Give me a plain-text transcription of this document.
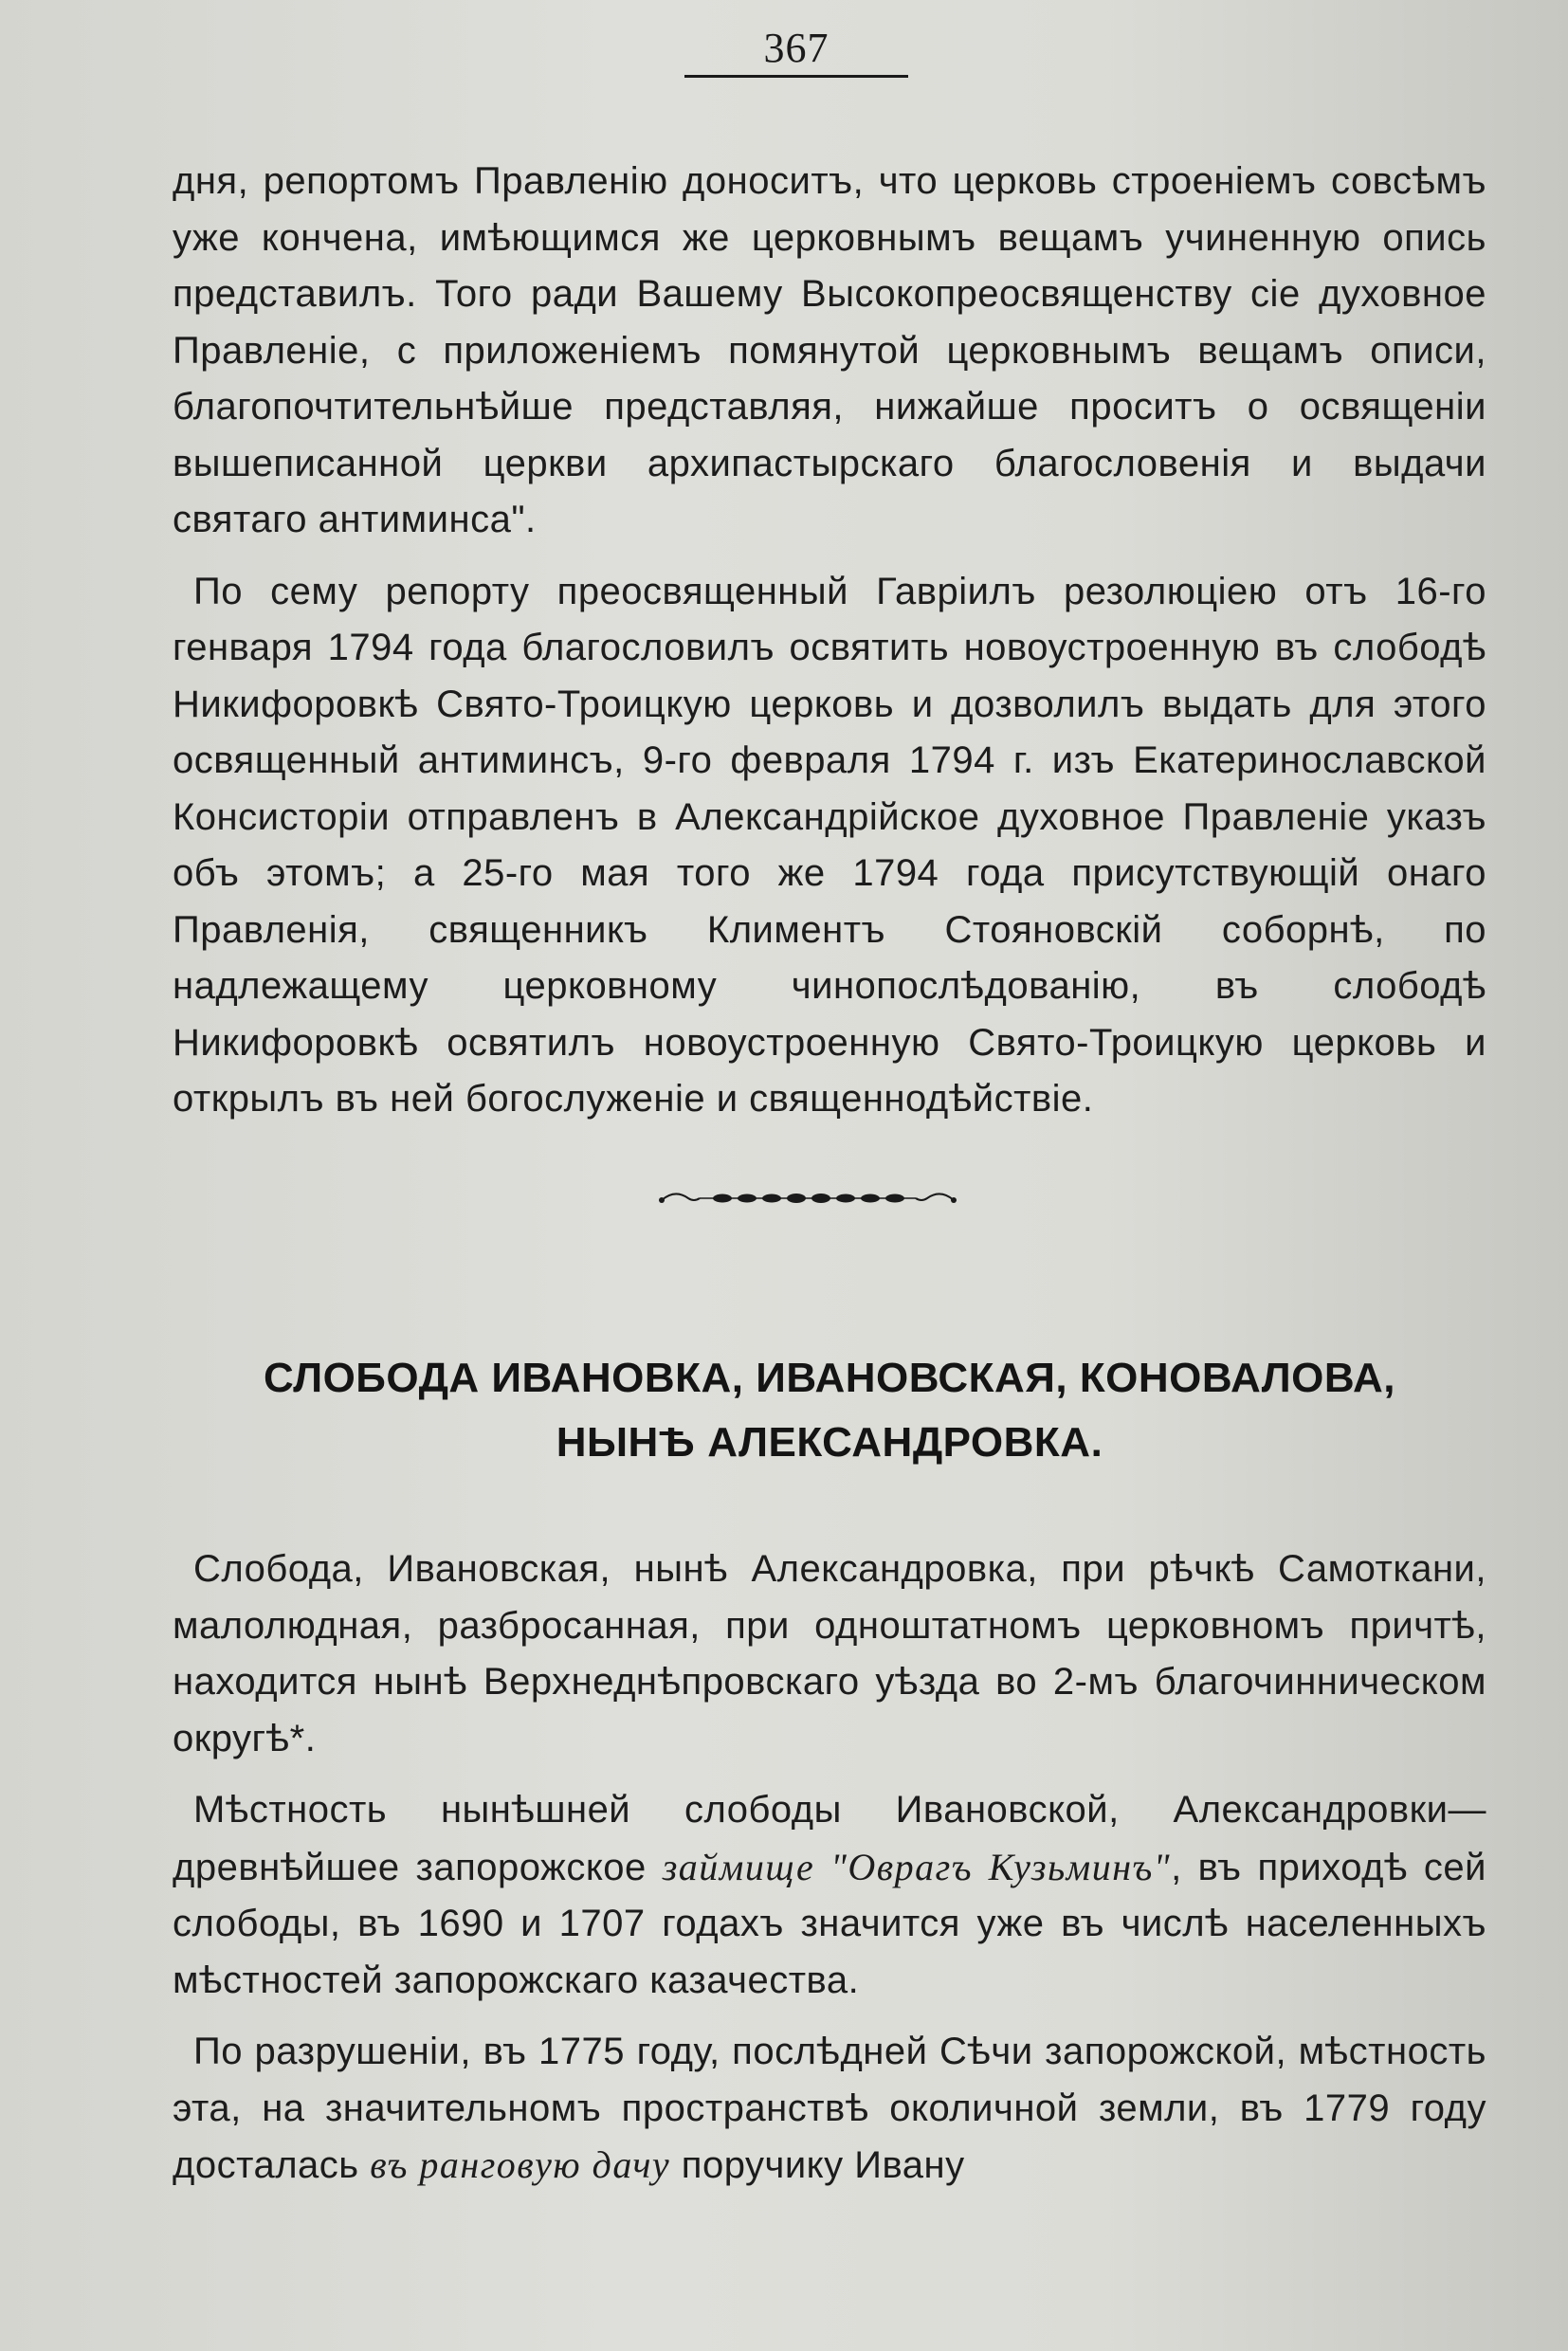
367

дня, репортомъ Правленію доноситъ, что церковь строеніемъ совсѣмъ уже кончена, имѣющимся же церковнымъ вещамъ учиненную опись представилъ. Того ради Вашему Высокопреосвященству сіе духовное Правленіе, с приложеніемъ помянутой церковнымъ вещамъ описи, благопочтительнѣйше представляя, нижайше проситъ о освященіи вышеписанной церкви архипастырскаго благословенія и выдачи святаго антиминса".

По сему репорту преосвященный Гавріилъ резолюціею отъ 16-го генваря 1794 года благословилъ освятить новоустроенную въ слободѣ Никифоровкѣ Свято-Троицкую церковь и дозволилъ выдать для этого освященный антиминсъ, 9-го февраля 1794 г. изъ Екатеринославской Консисторіи отправленъ в Александрійское духовное Правленіе указъ объ этомъ; а 25-го мая того же 1794 года присутствующій онаго Правленія, священникъ Климентъ Стояновскій соборнѣ, по надлежащему церковному чинопослѣдованію, въ слободѣ Никифоровкѣ освятилъ новоустроенную Свято-Троицкую церковь и открылъ въ ней богослуженіе и священнодѣйствіе.

СЛОБОДА ИВАНОВКА, ИВАНОВСКАЯ, КОНОВАЛОВА,
НЫНѢ АЛЕКСАНДРОВКА.

Слобода, Ивановская, нынѣ Александровка, при рѣчкѣ Самоткани, малолюдная, разбросанная, при одноштатномъ церковномъ причтѣ, находится нынѣ Верхнеднѣпровскаго уѣзда во 2-мъ благочинническом округѣ*.

Мѣстность нынѣшней слободы Ивановской, Александровки—древнѣйшее запорожское займище "Оврагъ Кузьминъ", въ приходѣ сей слободы, въ 1690 и 1707 годахъ значится уже въ числѣ населенныхъ мѣстностей запорожскаго казачества.

По разрушеніи, въ 1775 году, послѣдней Сѣчи запорожской, мѣстность эта, на значительномъ пространствѣ околичной земли, въ 1779 году досталась въ ранговую дачу поручику Ивану
